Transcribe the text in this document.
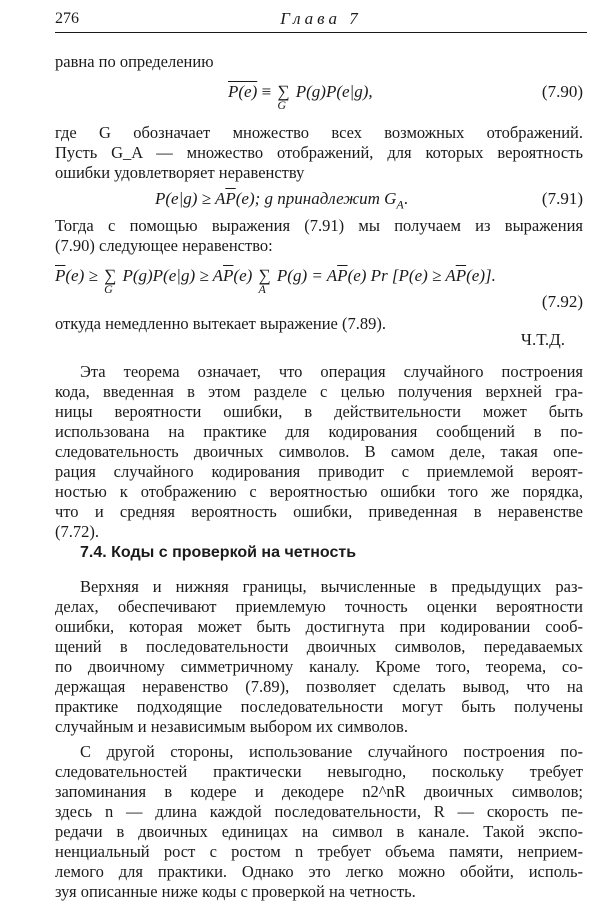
276	Глава 7
равна по определению
P(e) ≡ ∑
G
P(g)P(e|g),	(7.90)
где G обозначает множество всех возможных отображений.
Пусть G_A — множество отображений, для которых вероятность
ошибки удовлетворяет неравенству
$P(e|g) \ge A\overline{P}(e)$; g принадлежит $G_A$.	(7.91)
Тогда с помощью выражения (7.91) мы получаем из выражения
(7.90) следующее неравенство:
$\overline{P}(e)$ ≥ ∑
G
$P(g)P(e|g) \ge A\overline{P}(e)$ ∑
A
$P(g) = A\overline{P}(e)$ Pr $[P(e) \ge A\overline{P}(e)]$.
(7.92)
откуда немедленно вытекает выражение (7.89).
Ч.Т.Д.
Эта теорема означает, что операция случайного построения
кода, введенная в этом разделе с целью получения верхней гра-
ницы вероятности ошибки, в действительности может быть
использована на практике для кодирования сообщений в по-
следовательность двоичных символов. В самом деле, такая опе-
рация случайного кодирования приводит с приемлемой вероят-
ностью к отображению с вероятностью ошибки того же порядка,
что и средняя вероятность ошибки, приведенная в неравенстве
(7.72).
7.4. Коды с проверкой на четность
Верхняя и нижняя границы, вычисленные в предыдущих раз-
делах, обеспечивают приемлемую точность оценки вероятности
ошибки, которая может быть достигнута при кодировании сооб-
щений в последовательности двоичных символов, передаваемых
по двоичному симметричному каналу. Кроме того, теорема, со-
держащая неравенство (7.89), позволяет сделать вывод, что на
практике подходящие последовательности могут быть получены
случайным и независимым выбором их символов.
С другой стороны, использование случайного построения по-
следовательностей практически невыгодно, поскольку требует
запоминания в кодере и декодере n2^nR двоичных символов;
здесь n — длина каждой последовательности, R — скорость пе-
редачи в двоичных единицах на символ в канале. Такой экспо-
ненциальный рост с ростом n требует объема памяти, неприем-
лемого для практики. Однако это легко можно обойти, исполь-
зуя описанные ниже коды с проверкой на четность.
